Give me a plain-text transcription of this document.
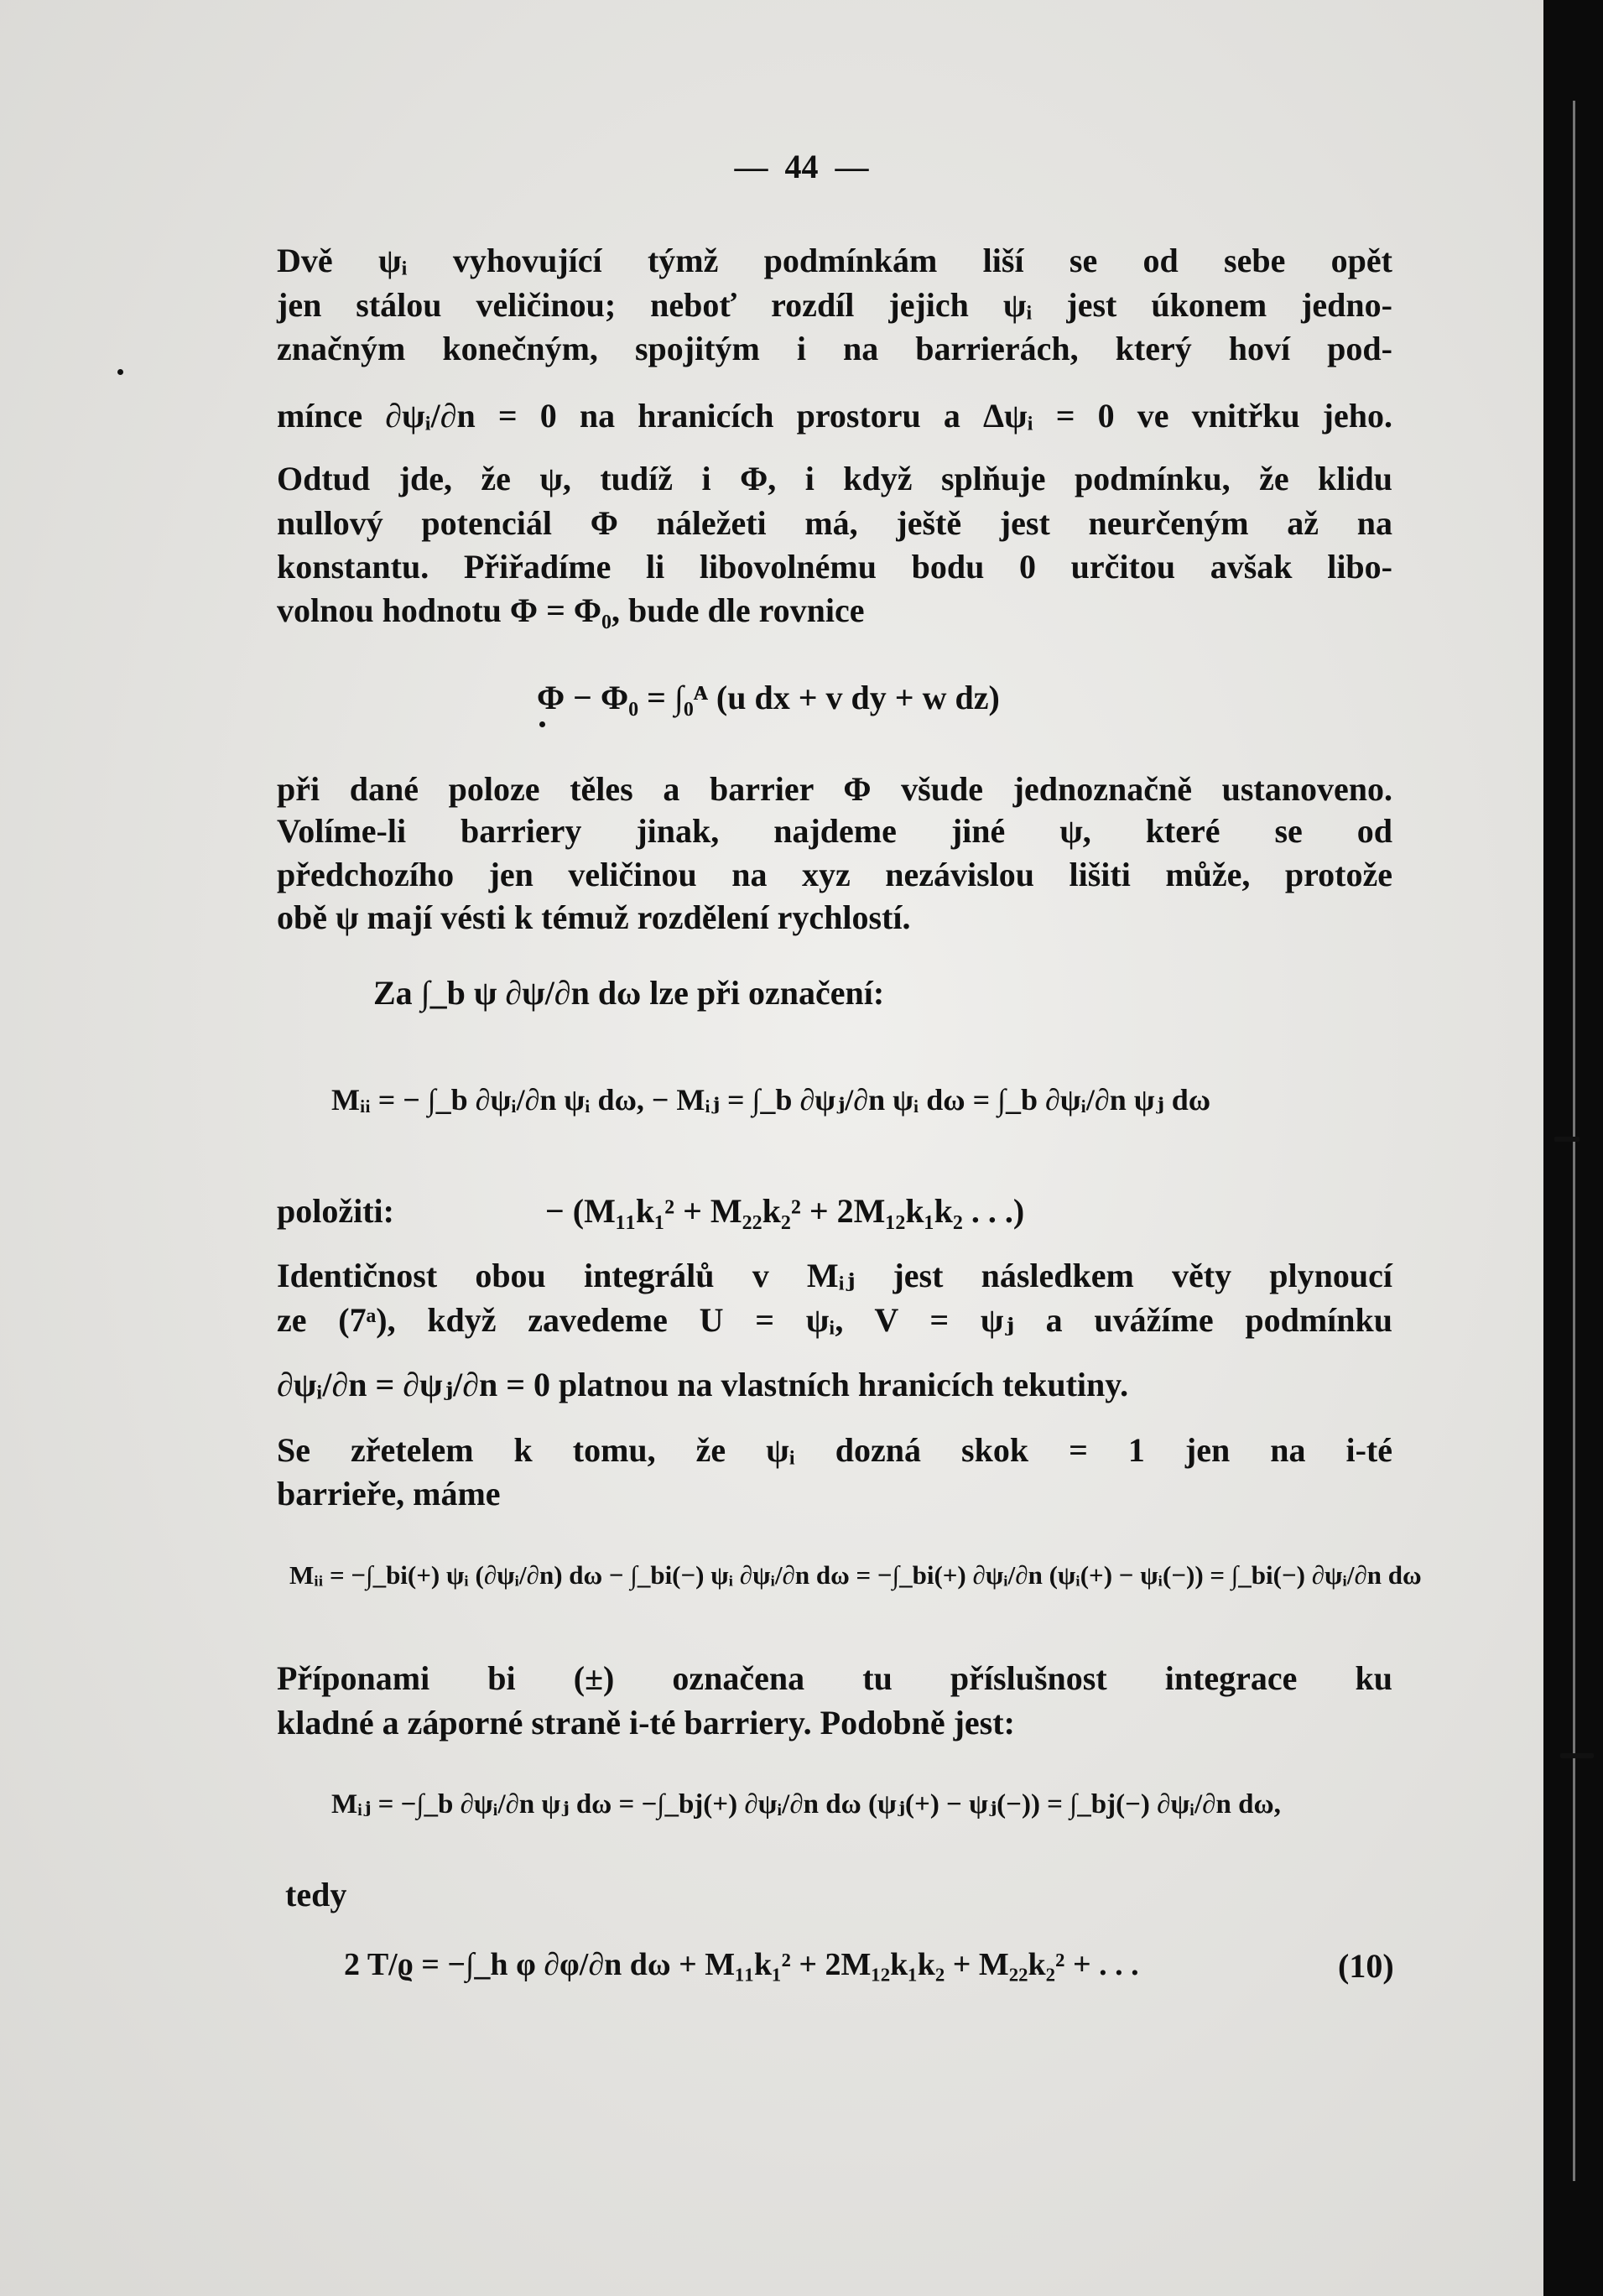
— 44 —
Dvě ψᵢ vyhovující týmž podmínkám liší se od sebe opět
jen stálou veličinou; neboť rozdíl jejich ψᵢ jest úkonem jedno-
značným konečným, spojitým i na barrierách, který hoví pod-
mínce ∂ψᵢ/∂n = 0 na hranicích prostoru a Δψᵢ = 0 ve vnitřku jeho.
Odtud jde, že ψ, tudíž i Φ, i když splňuje podmínku, že klidu
nullový potenciál Φ náležeti má, ještě jest neurčeným až na
konstantu. Přiřadíme li libovolnému bodu 0 určitou avšak libo-
volnou hodnotu Φ = Φ₀, bude dle rovnice
Φ − Φ₀ = ∫₀ᴬ (u dx + v dy + w dz)
při dané poloze těles a barrier Φ všude jednoznačně ustanoveno.
Volíme-li barriery jinak, najdeme jiné ψ, které se od
předchozího jen veličinou na xyz nezávislou lišiti může, protože
obě ψ mají vésti k témuž rozdělení rychlostí.
Za ∫_b ψ ∂ψ/∂n dω lze při označení:
Mᵢᵢ = − ∫_b ∂ψᵢ/∂n ψᵢ dω, − Mᵢⱼ = ∫_b ∂ψⱼ/∂n ψᵢ dω = ∫_b ∂ψᵢ/∂n ψⱼ dω
položiti:	− (M₁₁k₁² + M₂₂k₂² + 2M₁₂k₁k₂ . . .)
Identičnost obou integrálů v Mᵢⱼ jest následkem věty plynoucí
ze (7ᵃ), když zavedeme U = ψᵢ, V = ψⱼ a uvážíme podmínku
∂ψᵢ/∂n = ∂ψⱼ/∂n = 0 platnou na vlastních hranicích tekutiny.
Se zřetelem k tomu, že ψᵢ dozná skok = 1 jen na i-té
barrieře, máme
Mᵢᵢ = −∫_bi(+) ψᵢ (∂ψᵢ/∂n) dω − ∫_bi(−) ψᵢ ∂ψᵢ/∂n dω = −∫_bi(+) ∂ψᵢ/∂n (ψᵢ(+) − ψᵢ(−)) = ∫_bi(−) ∂ψᵢ/∂n dω
Příponami bi (±) označena tu příslušnost integrace ku
kladné a záporné straně i-té barriery. Podobně jest:
Mᵢⱼ = −∫_b ∂ψᵢ/∂n ψⱼ dω = −∫_bj(+) ∂ψᵢ/∂n dω (ψⱼ(+) − ψⱼ(−)) = ∫_bj(−) ∂ψᵢ/∂n dω,
tedy
2 T/ϱ = −∫_h φ ∂φ/∂n dω + M₁₁k₁² + 2M₁₂k₁k₂ + M₂₂k₂² + . . .	(10)
